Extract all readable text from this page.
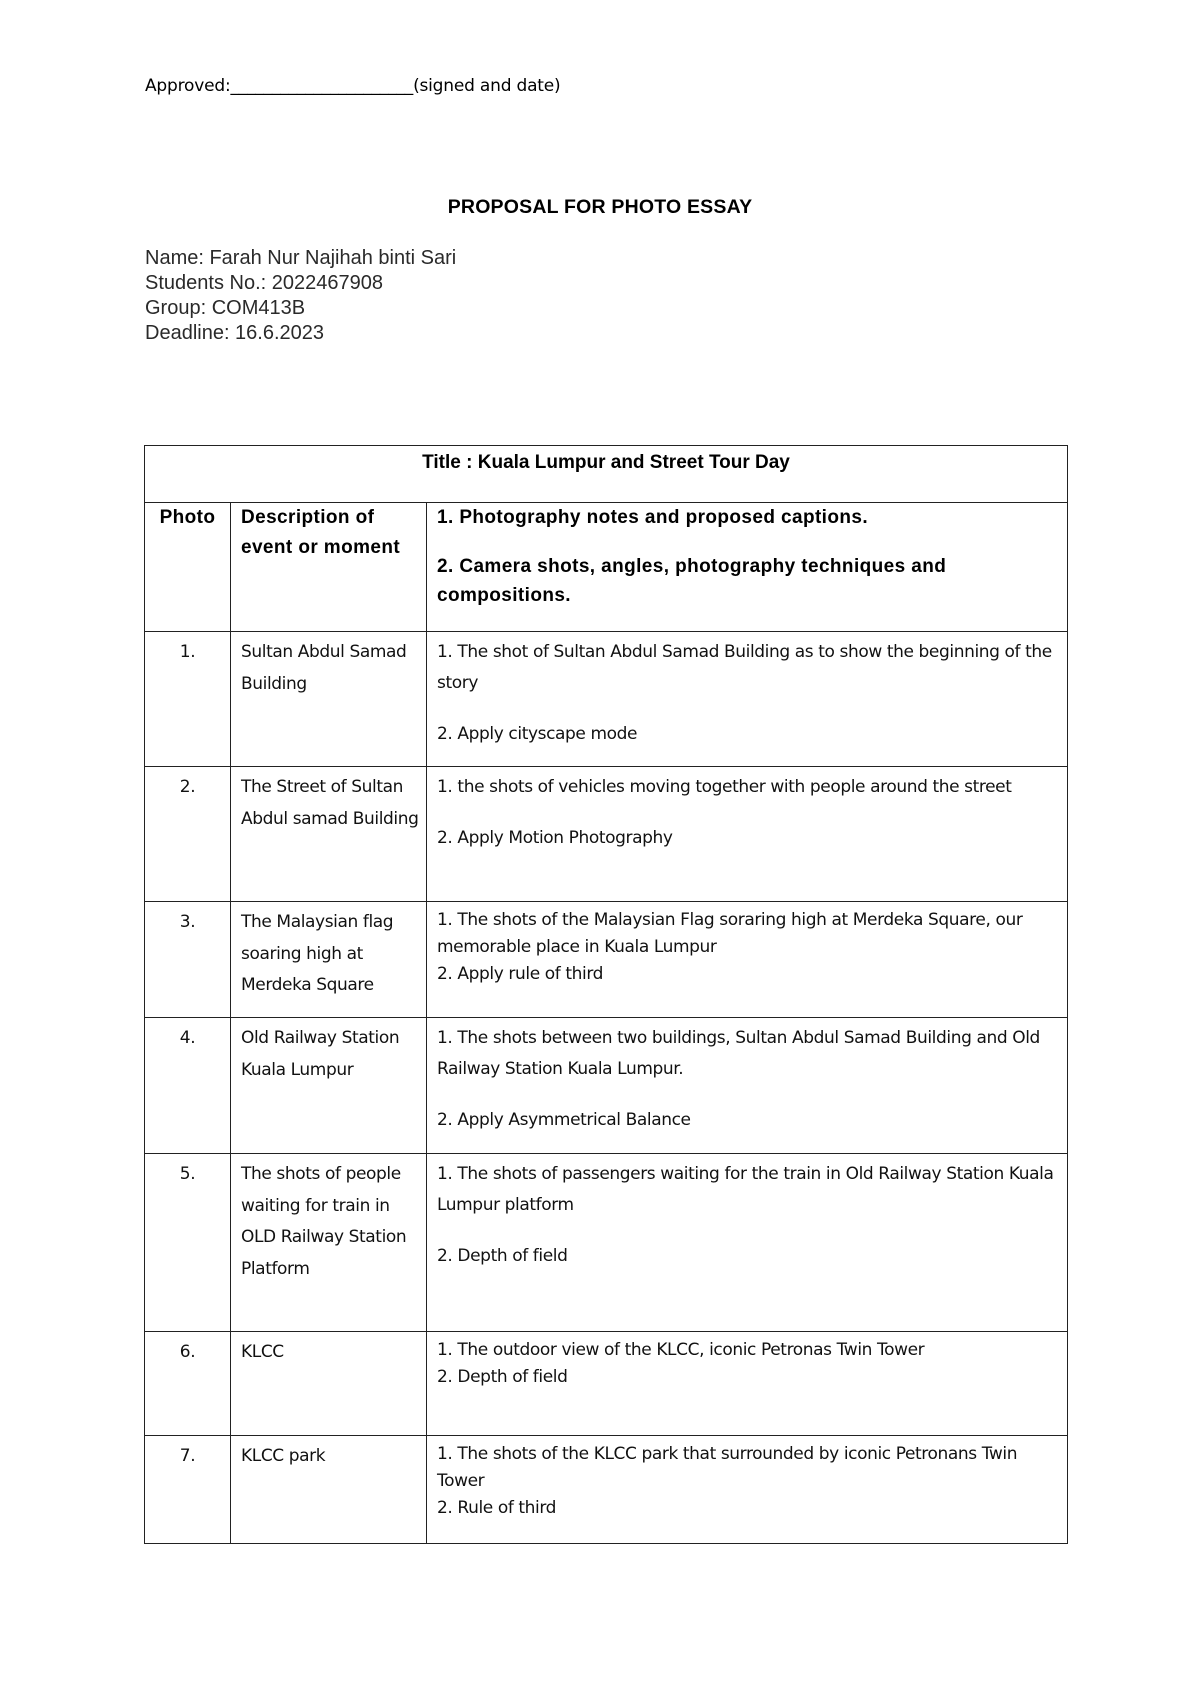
Approved:______________________(signed and date)
PROPOSAL FOR PHOTO ESSAY
Name: Farah Nur Najihah binti Sari
Students No.: 2022467908
Group: COM413B
Deadline: 16.6.2023
Title : Kuala Lumpur and Street Tour Day		
Photo	Description of event or moment	1. Photography notes and proposed captions.

2. Camera shots, angles, photography techniques and compositions.

1.	Sultan Abdul Samad Building	1. The shot of Sultan Abdul Samad Building as to show the beginning of the story

2. Apply cityscape mode

2.	The Street of Sultan Abdul samad Building	1. the shots of vehicles moving together with people around the street

2. Apply Motion Photography

3.	The Malaysian flag soaring high at Merdeka Square	1. The shots of the Malaysian Flag soraring high at Merdeka Square, our memorable place in Kuala Lumpur

2. Apply rule of third

4.	Old Railway Station Kuala Lumpur	1. The shots between two buildings, Sultan Abdul Samad Building and Old Railway Station Kuala Lumpur.

2. Apply Asymmetrical Balance

5.	The shots of people waiting for train in OLD Railway Station Platform	1. The shots of passengers waiting for the train in Old Railway Station Kuala Lumpur platform

2. Depth of field

6.	KLCC	1. The outdoor view of the KLCC, iconic Petronas Twin Tower

2. Depth of field

7.	KLCC park	1. The shots of the KLCC park that surrounded by iconic Petronans Twin Tower

2. Rule of third
